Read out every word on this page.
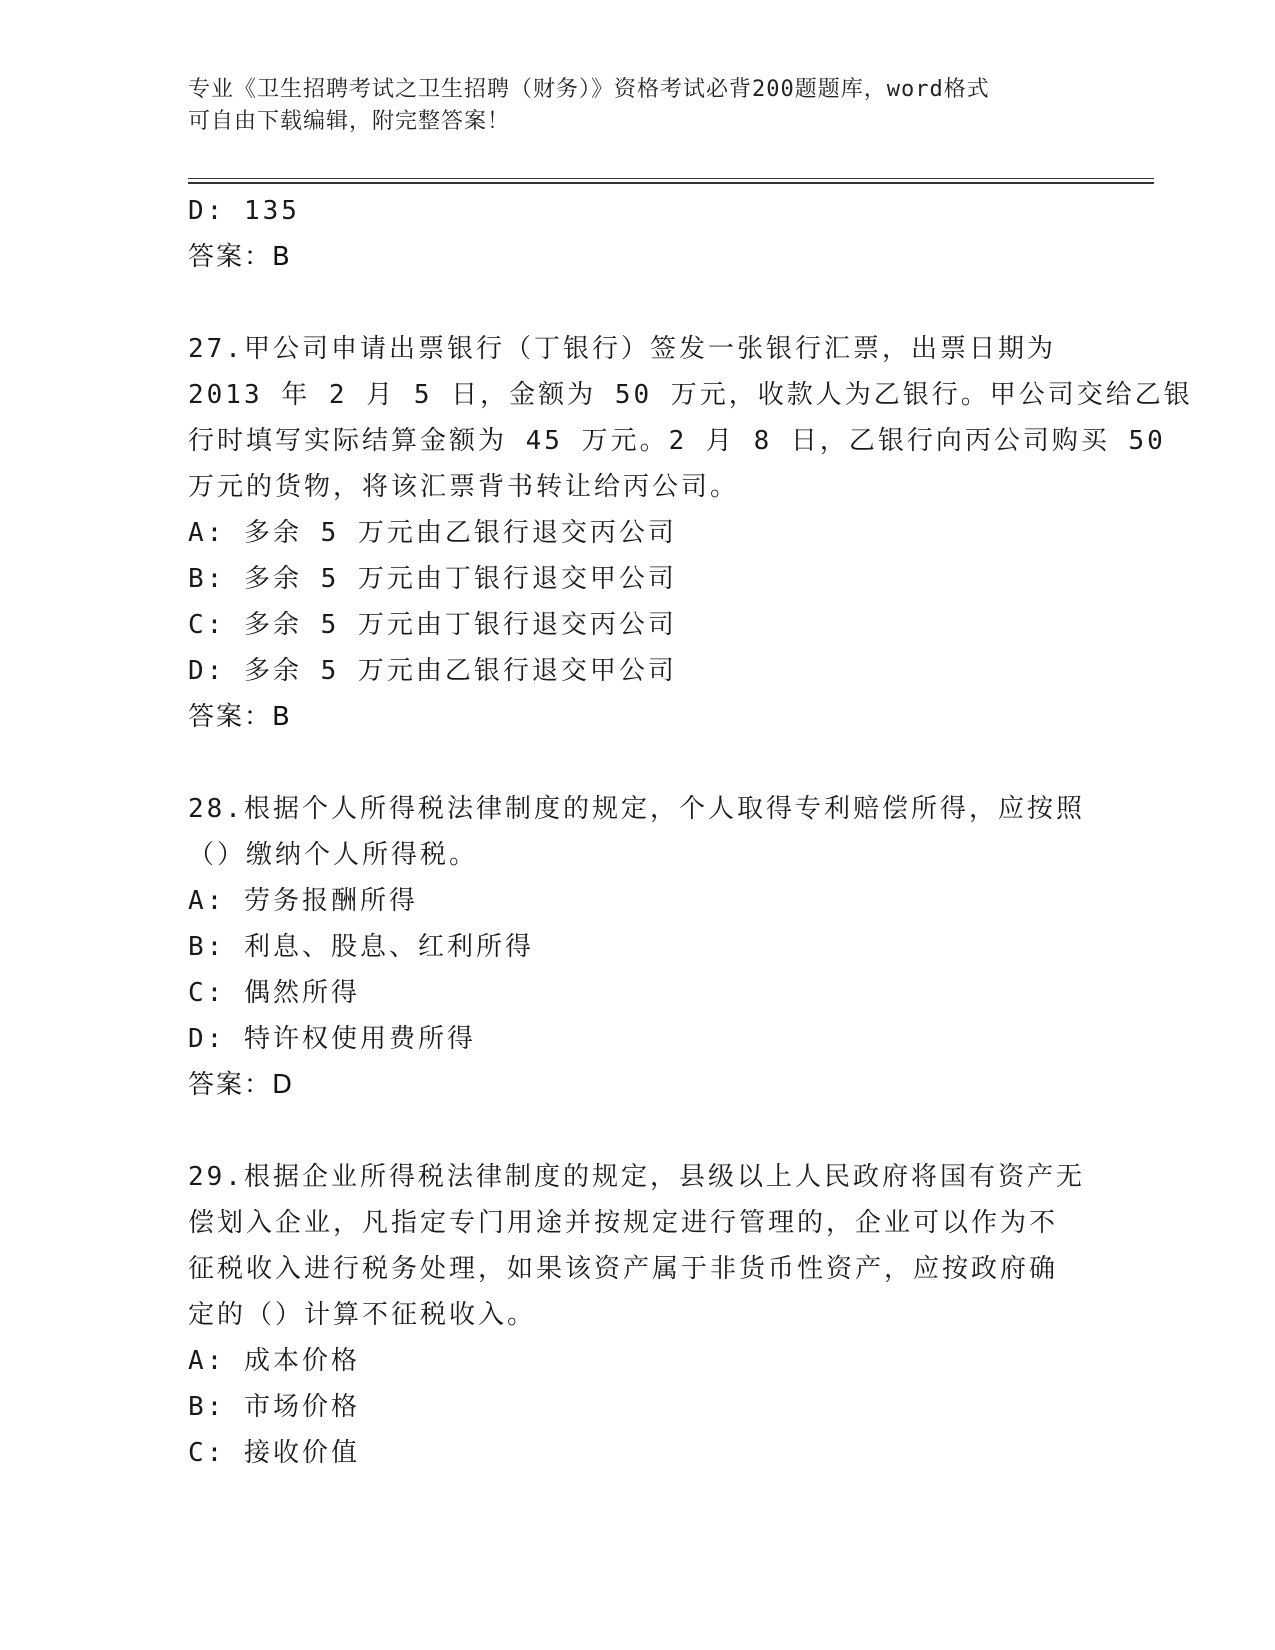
专业《卫生招聘考试之卫生招聘（财务）》资格考试必背200题题库，word格式
可自由下载编辑，附完整答案！
D: 135
答案：B
27.甲公司申请出票银行（丁银行）签发一张银行汇票，出票日期为
2013 年 2 月 5 日，金额为 50 万元，收款人为乙银行。甲公司交给乙银
行时填写实际结算金额为 45 万元。2 月 8 日，乙银行向丙公司购买 50
万元的货物，将该汇票背书转让给丙公司。
A: 多余 5 万元由乙银行退交丙公司
B: 多余 5 万元由丁银行退交甲公司
C: 多余 5 万元由丁银行退交丙公司
D: 多余 5 万元由乙银行退交甲公司
答案：B
28.根据个人所得税法律制度的规定，个人取得专利赔偿所得，应按照
（）缴纳个人所得税。
A: 劳务报酬所得
B: 利息、股息、红利所得
C: 偶然所得
D: 特许权使用费所得
答案：D
29.根据企业所得税法律制度的规定，县级以上人民政府将国有资产无
偿划入企业，凡指定专门用途并按规定进行管理的，企业可以作为不
征税收入进行税务处理，如果该资产属于非货币性资产，应按政府确
定的（）计算不征税收入。
A: 成本价格
B: 市场价格
C: 接收价值
